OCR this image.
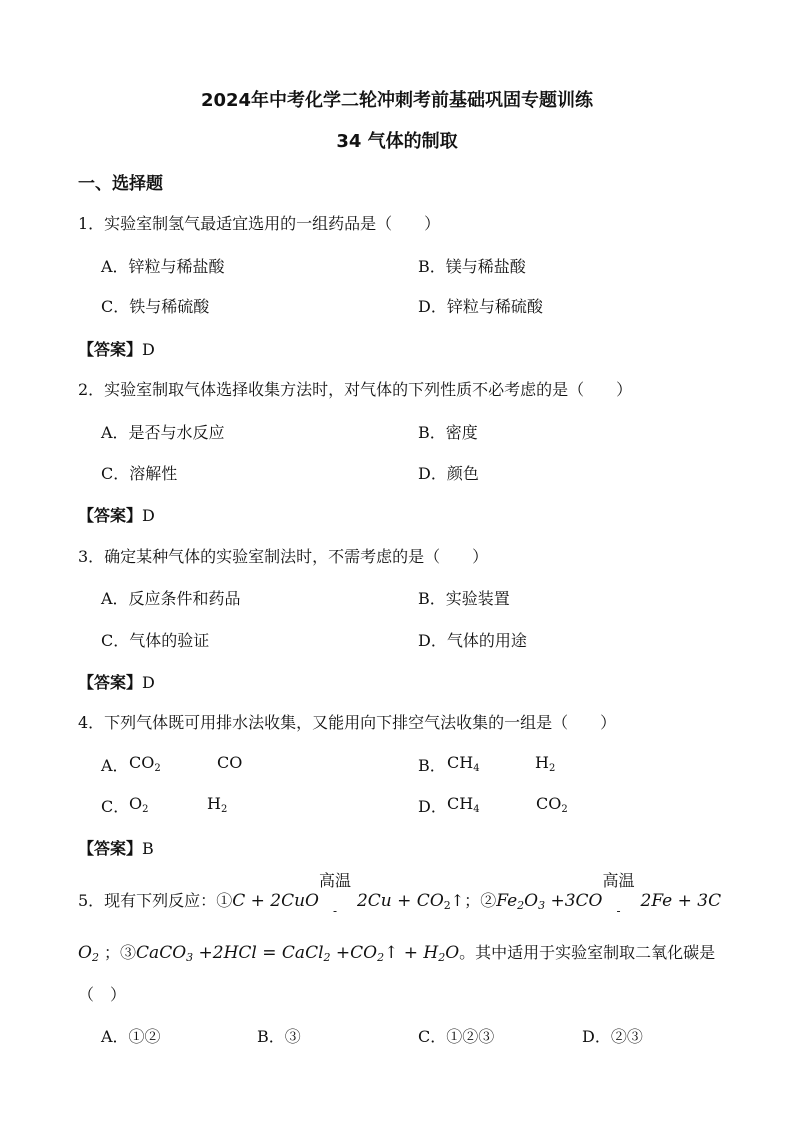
2024年中考化学二轮冲刺考前基础巩固专题训练
34 气体的制取
一、选择题
1．实验室制氢气最适宜选用的一组药品是（　　）
A．锌粒与稀盐酸	B．镁与稀盐酸
C．铁与稀硫酸	D．锌粒与稀硫酸
【答案】D
2．实验室制取气体选择收集方法时，对气体的下列性质不必考虑的是（　　）
A．是否与水反应	B．密度
C．溶解性	D．颜色
【答案】D
3．确定某种气体的实验室制法时，不需考虑的是（　　）
A．反应条件和药品	B．实验装置
C．气体的验证	D．气体的用途
【答案】D
4．下列气体既可用排水法收集，又能用向下排空气法收集的一组是（　　）
A． $CO_2$	CO	B． $CH_4$	$H_2$
C． $O_2$	$H_2$	D． $CH_4$	$CO_2$
【答案】B
5．现有下列反应：①C + 2CuO
高温
- $2Cu + CO_2↑$；$②Fe_2O_3 +3CO$
高温
- 2Fe + 3C
$O_2$ ；③CaCO$_3$ +2HCl = CaCl$_2$ $+CO_2↑ + H_2O$。其中适用于实验室制取二氧化碳是
（　）
A．①②	B．③	C．①②③	D．②③
